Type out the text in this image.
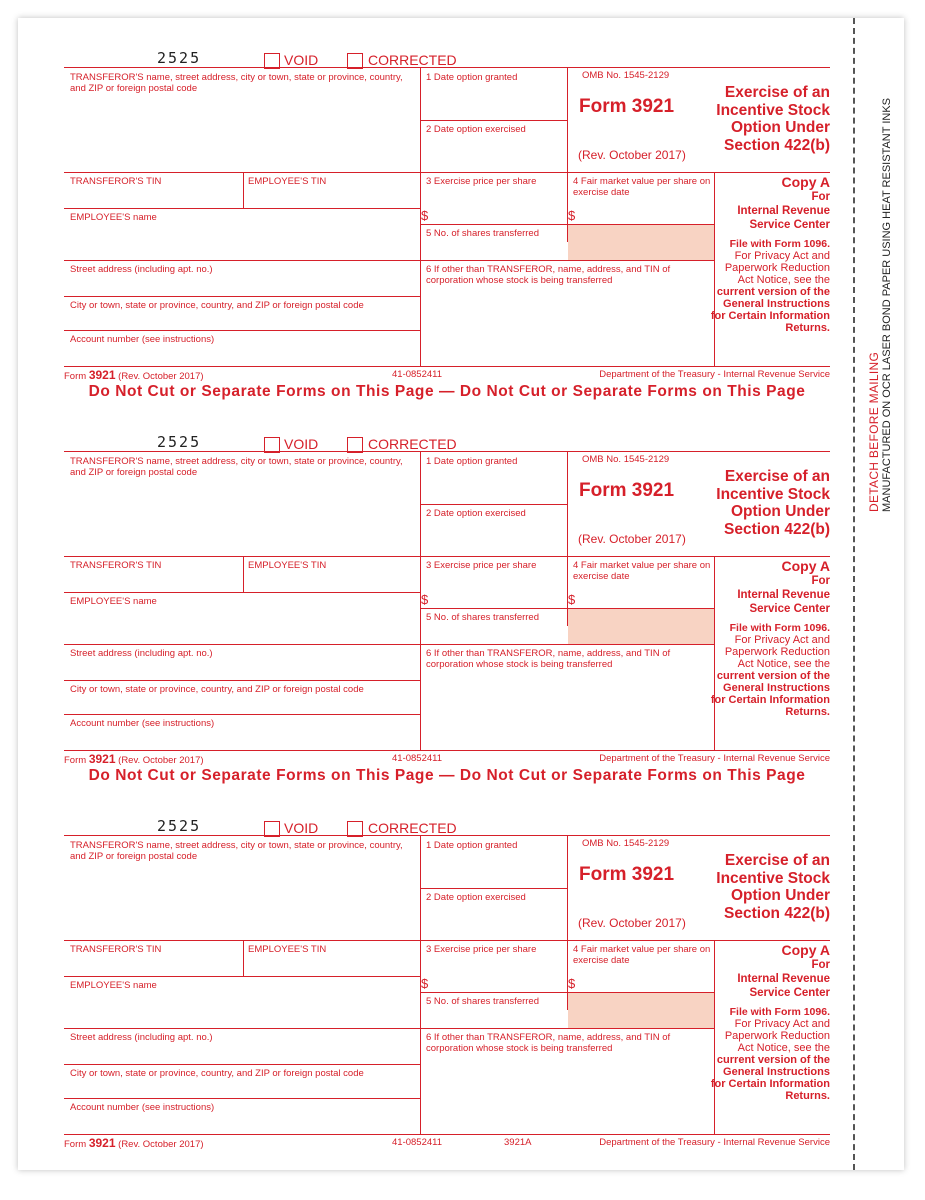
DETACH BEFORE MAILING MANUFACTURED ON OCR LASER BOND PAPER USING HEAT RESISTANT INKS
2525	VOID	CORRECTED
TRANSFEROR'S name, street address, city or town, state or province, country, and ZIP or foreign postal code
1 Date option granted
2 Date option exercised
OMB No. 1545-2129
Form 3921
(Rev. October 2017)
Exercise of an Incentive Stock Option Under Section 422(b)
TRANSFEROR'S TIN	EMPLOYEE'S TIN	3 Exercise price per share	4 Fair market value per share on exercise date
$	$
EMPLOYEE'S name
5 No. of shares transferred
Street address (including apt. no.)	6 If other than TRANSFEROR, name, address, and TIN of corporation whose stock is being transferred
City or town, state or province, country, and ZIP or foreign postal code
Account number (see instructions)
Copy A
For
Internal Revenue Service Center
File with Form 1096.
For Privacy Act and Paperwork Reduction Act Notice, see the current version of the General Instructions for Certain Information Returns.
Form 3921 (Rev. October 2017)	41-0852411	Department of the Treasury - Internal Revenue Service
Do Not Cut or Separate Forms on This Page — Do Not Cut or Separate Forms on This Page
2525	VOID	CORRECTED
TRANSFEROR'S name, street address, city or town, state or province, country, and ZIP or foreign postal code
1 Date option granted
2 Date option exercised
OMB No. 1545-2129
Form 3921
(Rev. October 2017)
Exercise of an Incentive Stock Option Under Section 422(b)
TRANSFEROR'S TIN	EMPLOYEE'S TIN	3 Exercise price per share	4 Fair market value per share on exercise date
$	$
EMPLOYEE'S name
5 No. of shares transferred
Street address (including apt. no.)	6 If other than TRANSFEROR, name, address, and TIN of corporation whose stock is being transferred
City or town, state or province, country, and ZIP or foreign postal code
Account number (see instructions)
Copy A
For
Internal Revenue Service Center
File with Form 1096.
For Privacy Act and Paperwork Reduction Act Notice, see the current version of the General Instructions for Certain Information Returns.
Form 3921 (Rev. October 2017)	41-0852411	Department of the Treasury - Internal Revenue Service
Do Not Cut or Separate Forms on This Page — Do Not Cut or Separate Forms on This Page
2525	VOID	CORRECTED
TRANSFEROR'S name, street address, city or town, state or province, country, and ZIP or foreign postal code
1 Date option granted
2 Date option exercised
OMB No. 1545-2129
Form 3921
(Rev. October 2017)
Exercise of an Incentive Stock Option Under Section 422(b)
TRANSFEROR'S TIN	EMPLOYEE'S TIN	3 Exercise price per share	4 Fair market value per share on exercise date
$	$
EMPLOYEE'S name
5 No. of shares transferred
Street address (including apt. no.)	6 If other than TRANSFEROR, name, address, and TIN of corporation whose stock is being transferred
City or town, state or province, country, and ZIP or foreign postal code
Account number (see instructions)
Copy A
For
Internal Revenue Service Center
File with Form 1096.
For Privacy Act and Paperwork Reduction Act Notice, see the current version of the General Instructions for Certain Information Returns.
Form 3921 (Rev. October 2017)	41-0852411	3921A	Department of the Treasury - Internal Revenue Service
